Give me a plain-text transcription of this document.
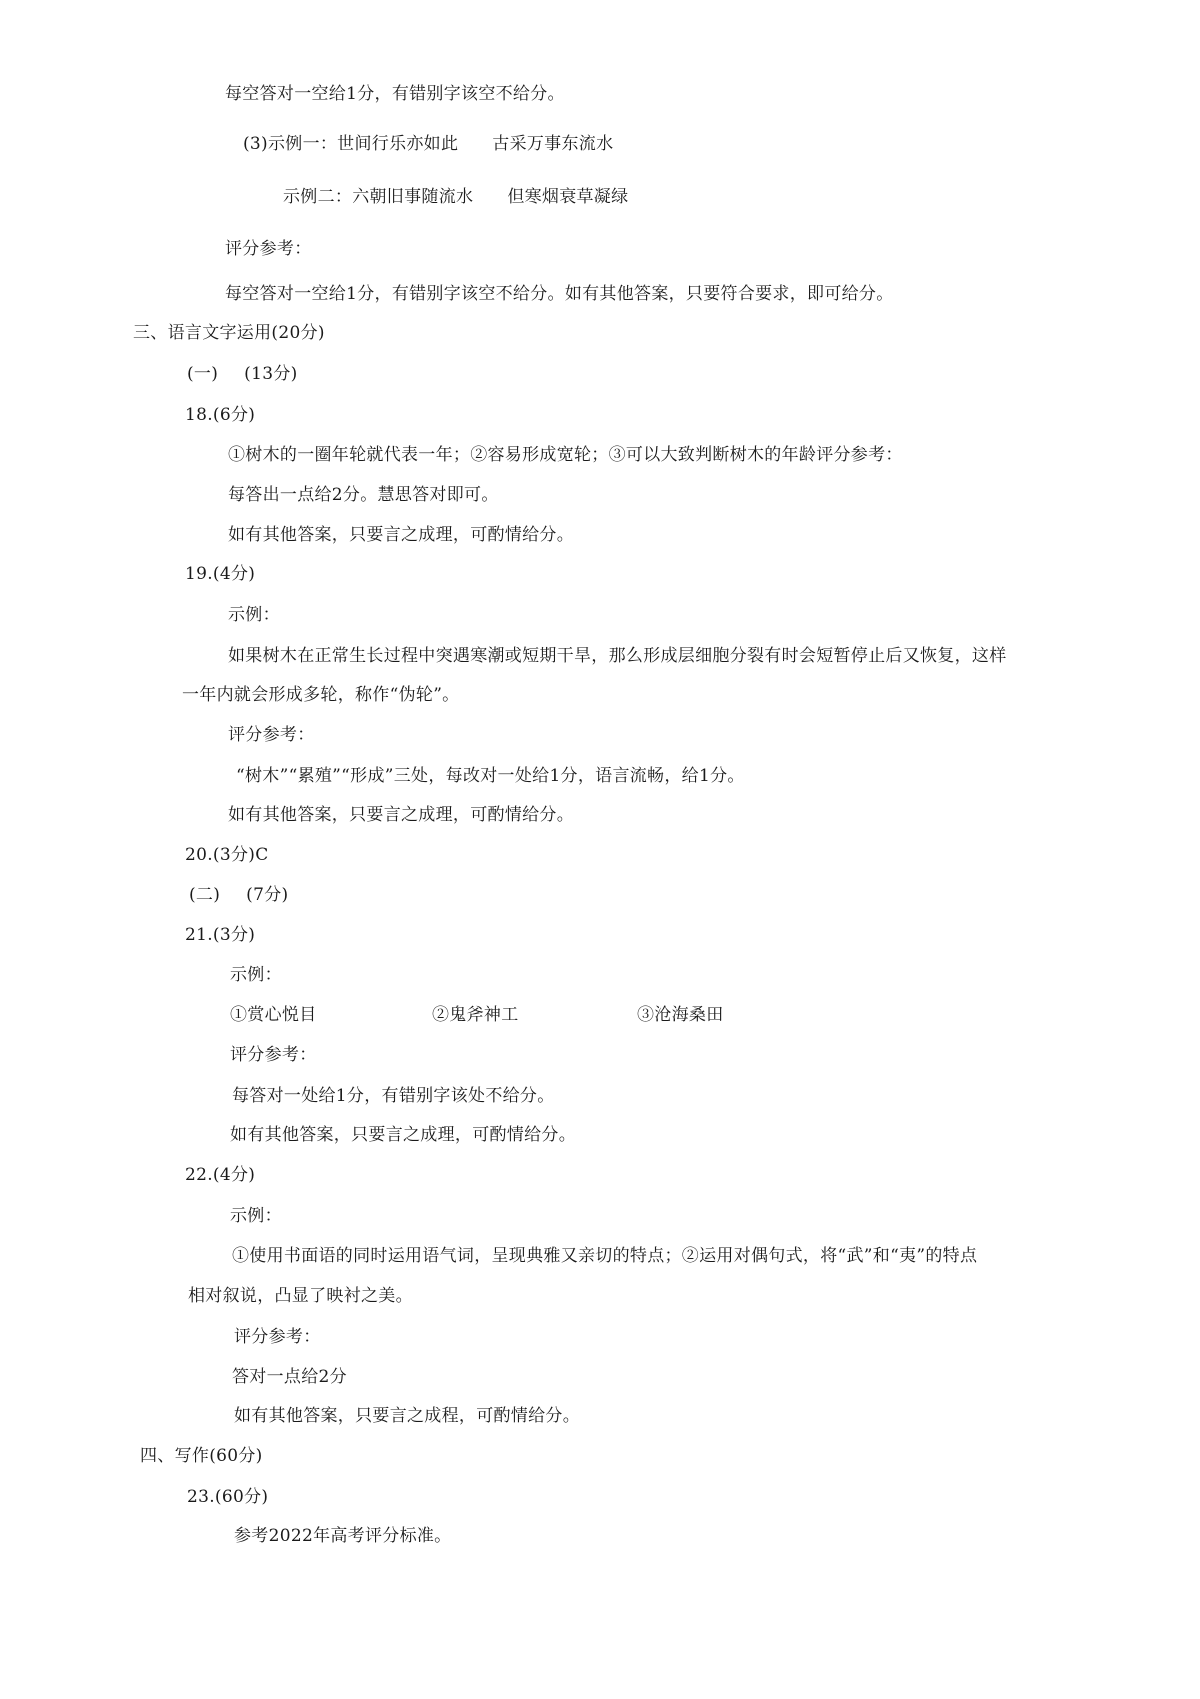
每空答对一空给1分，有错别字该空不给分。
(3)示例一：世间行乐亦如此 古采万事东流水
示例二：六朝旧事随流水 但寒烟衰草凝绿
评分参考：
每空答对一空给1分，有错别字该空不给分。如有其他答案，只要符合要求，即可给分。
三、语言文字运用(20分)
(一) (13分)
18.(6分)
①树木的一圈年轮就代表一年；②容易形成宽轮；③可以大致判断树木的年龄评分参考：
每答出一点给2分。慧思答对即可。
如有其他答案，只要言之成理，可酌情给分。
19.(4分)
示例：
如果树木在正常生长过程中突遇寒潮或短期干旱，那么形成层细胞分裂有时会短暂停止后又恢复，这样
一年内就会形成多轮，称作“伪轮”。
评分参考：
“树木”“累殖”“形成”三处，每改对一处给1分，语言流畅，给1分。
如有其他答案，只要言之成理，可酌情给分。
20.(3分)C
(二) (7分)
21.(3分)
示例：
①赏心悦目	②鬼斧神工	③沧海桑田
评分参考：
每答对一处给1分，有错别字该处不给分。
如有其他答案，只要言之成理，可酌情给分。
22.(4分)
示例：
①使用书面语的同时运用语气词，呈现典雅又亲切的特点；②运用对偶句式，将“武”和“夷”的特点
相对叙说，凸显了映衬之美。
评分参考：
答对一点给2分
如有其他答案，只要言之成程，可酌情给分。
四、写作(60分)
23.(60分)
参考2022年高考评分标准。
